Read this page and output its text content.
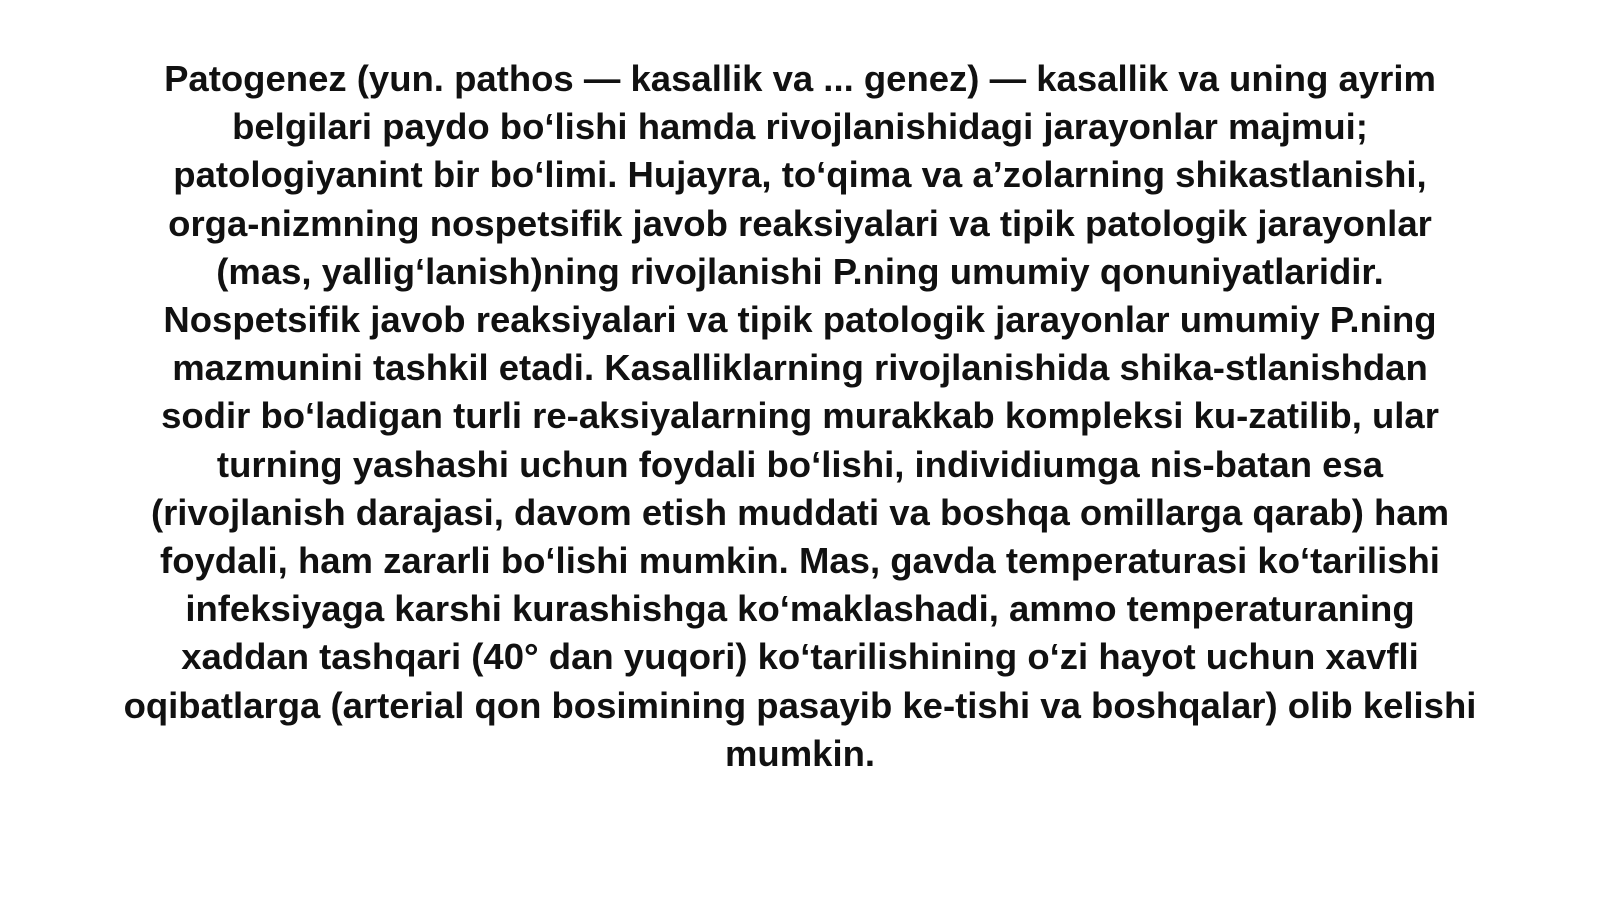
Patogenez (yun. pathos — kasallik va ... genez) — kasallik va uning ayrim
belgilari paydo bo‘lishi hamda rivojlanishidagi jarayonlar majmui;
patologiyanint bir bo‘limi. Hujayra, to‘qima va a’zolarning shikastlanishi,
orga-nizmning nospetsifik javob reaksiyalari va tipik patologik jarayonlar
(mas, yallig‘lanish)ning rivojlanishi P.ning umumiy qonuniyatlaridir.
Nospetsifik javob reaksiyalari va tipik patologik jarayonlar umumiy P.ning
mazmunini tashkil etadi. Kasalliklarning rivojlanishida shika-stlanishdan
sodir bo‘ladigan turli re-aksiyalarning murakkab kompleksi ku-zatilib, ular
turning yashashi uchun foydali bo‘lishi, individiumga nis-batan esa
(rivojlanish darajasi, davom etish muddati va boshqa omillarga qarab) ham
foydali, ham zararli bo‘lishi mumkin. Mas, gavda temperaturasi ko‘tarilishi
infeksiyaga karshi kurashishga ko‘maklashadi, ammo temperaturaning
xaddan tashqari (40° dan yuqori) ko‘tarilishining o‘zi hayot uchun xavfli
oqibatlarga (arterial qon bosimining pasayib ke-tishi va boshqalar) olib kelishi
mumkin.
